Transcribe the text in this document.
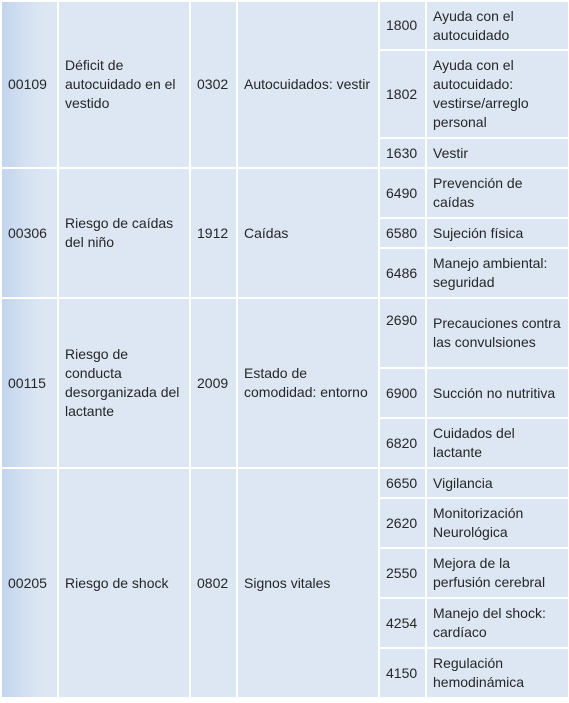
00109	Déficit de autocuidado en el vestido	0302	Autocuidados: vestir	1800	Ayuda con el autocuidado
				1802	Ayuda con el autocuidado: vestirse/arreglo personal
				1630	Vestir
00306	Riesgo de caídas del niño	1912	Caídas	6490	Prevención de caídas
				6580	Sujeción física
				6486	Manejo ambiental: seguridad
00115	Riesgo de conducta desorganizada del lactante	2009	Estado de comodidad: entorno	2690	Precauciones contra las convulsiones
				6900	Succión no nutritiva
				6820	Cuidados del lactante
00205	Riesgo de shock	0802	Signos vitales	6650	Vigilancia
				2620	Monitorización Neurológica
				2550	Mejora de la perfusión cerebral
				4254	Manejo del shock: cardíaco
				4150	Regulación hemodinámica
